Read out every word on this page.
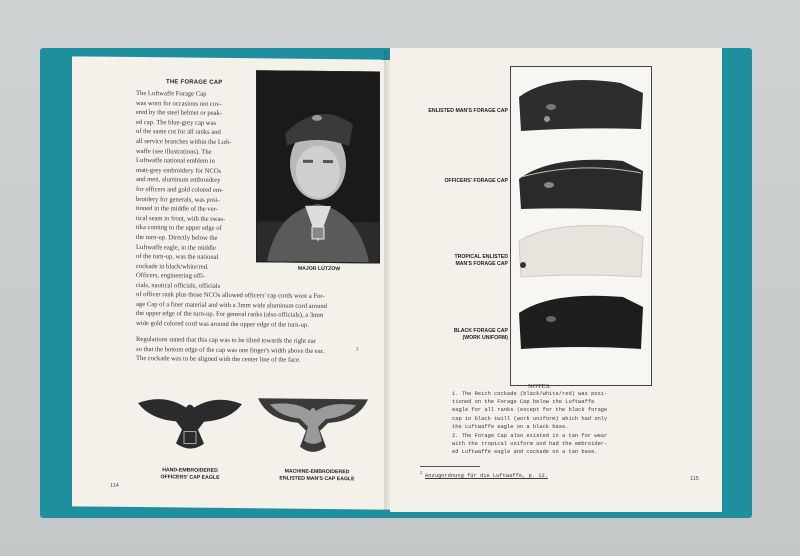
THE FORAGE CAP
The Luftwaffe Forage Cap
was worn for occasions not cov-
ered by the steel helmet or peak-
ed cap. The blue-grey cap was
of the same cut for all ranks and
all service branches within the Luft-
waffe (see illustrations). The
Luftwaffe national emblem in
matt-grey embroidery for NCOs
and men, aluminum embroidery
for officers and gold colored em-
broidery for generals, was posi-
tioned in the middle of the ver-
tical seam in front, with the swas-
tika coming to the upper edge of
the turn-up. Directly below the
Luftwaffe eagle, in the middle
of the turn-up, was the national
cockade in black/white/red.	MAJOR LÜTZOW
Officers, engineering offi-
cials, nautical officials, officials
of officer rank plus those NCOs allowed officers' cap cords wore a For-
age Cap of a finer material and with a 3mm wide aluminum cord around
the upper edge of the turn-up. For general ranks (also officials), a 3mm
wide gold colored cord was around the upper edge of the turn-up.
Regulations stated that this cap was to be tilted towards the right ear
so that the bottom edge of the cap was one finger's width above the ear.
The cockade was to be aligned with the center line of the face.
2
HAND-EMBROIDERED
OFFICERS' CAP EAGLE
MACHINE-EMBROIDERED
ENLISTED MAN'S CAP EAGLE
114
ENLISTED MAN'S FORAGE CAP
OFFICERS' FORAGE CAP
TROPICAL ENLISTED
MAN'S FORAGE CAP
BLACK FORAGE CAP
(WORK UNIFORM)
NOTES:
1. The Reich cockade (black/white/red) was posi-
tioned on the Forage Cap below the Luftwaffe
eagle for all ranks (except for the black forage
cap in black twill (work uniform) which had only
the Luftwaffe eagle on a black base.
2. The Forage Cap also existed in a tan for wear
with the tropical uniform and had the embroider-
ed Luftwaffe eagle and cockade on a tan base.
2
Anzugordnung für die Luftwaffe, p. 12.	115
